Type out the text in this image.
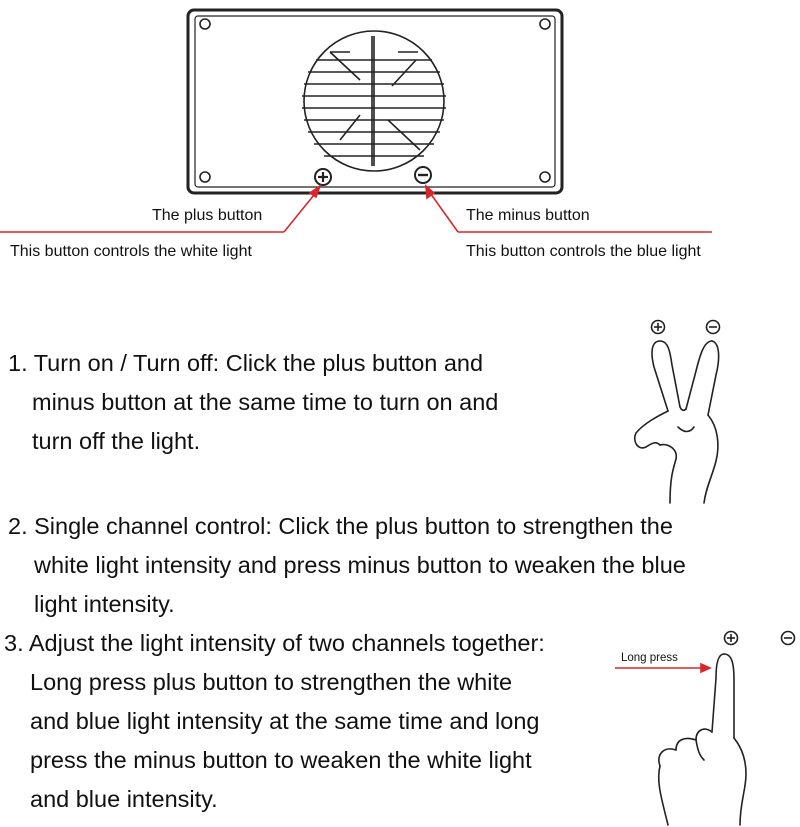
The plus button
This button controls the white light
The minus button
This button controls the blue light
1. Turn on / Turn off: Click the plus button and
minus button at the same time to turn on and
turn off the light.
2. Single channel control: Click the plus button to strengthen the
white light intensity and press minus button to weaken the blue
light intensity.
3. Adjust the light intensity of two channels together:
Long press plus button to strengthen the white
and blue light intensity at the same time and long
press the minus button to weaken the white light
and blue intensity.
Long press
